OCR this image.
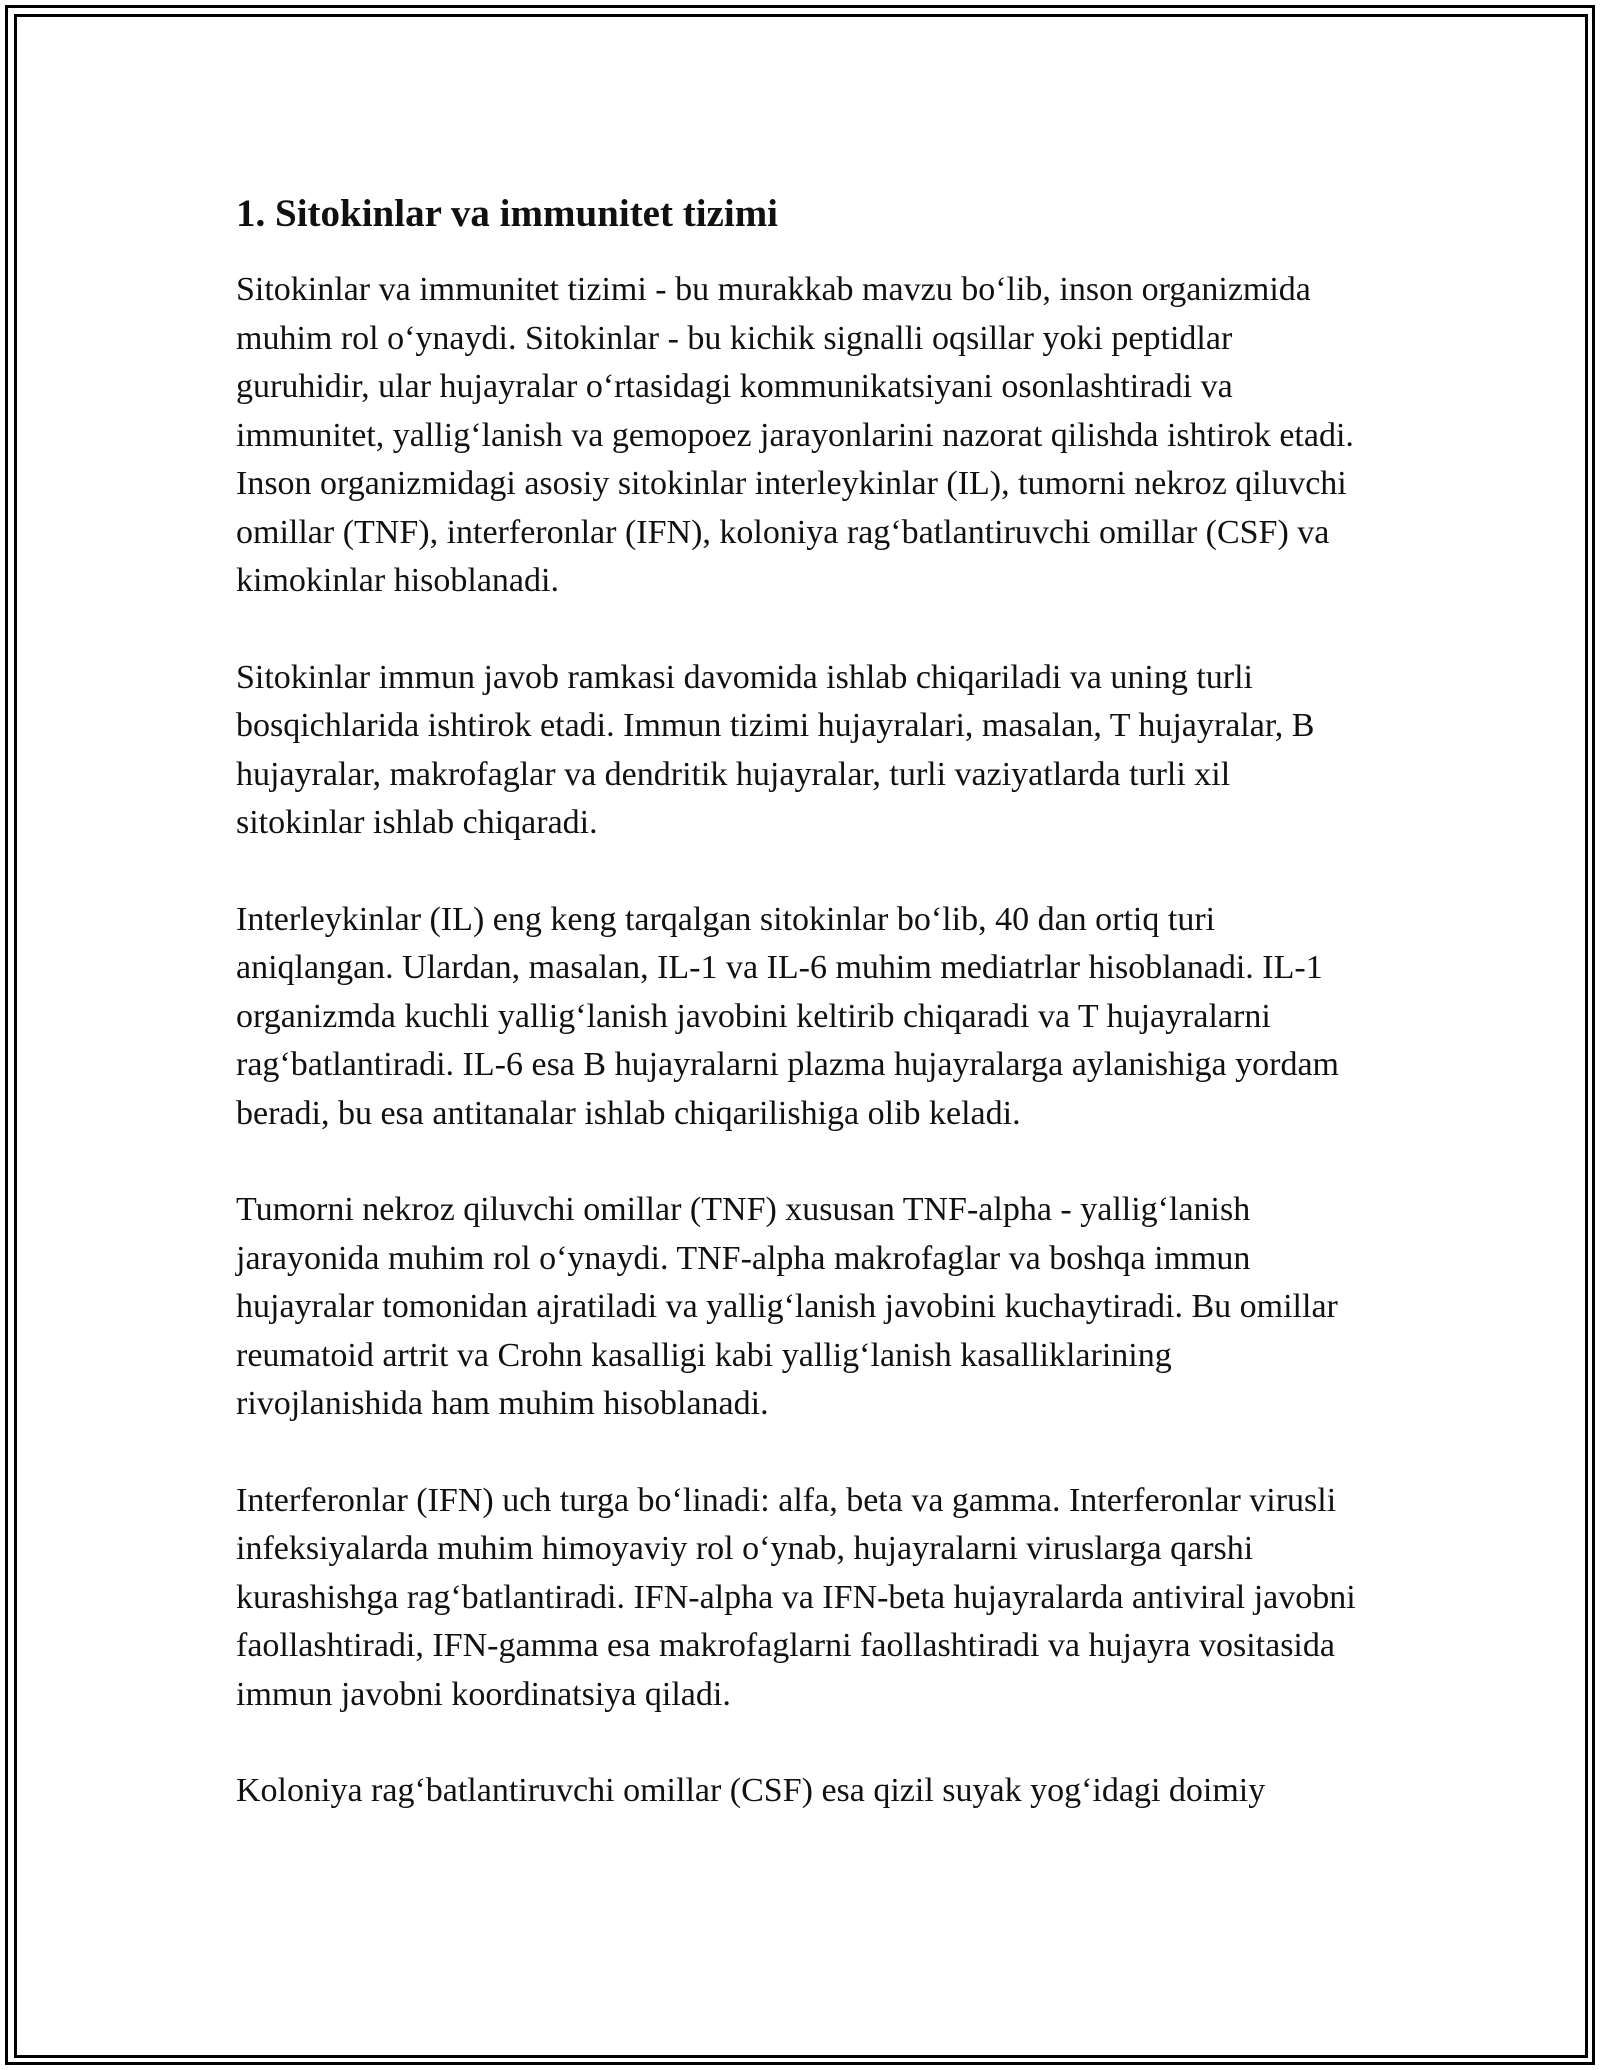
1. Sitokinlar va immunitet tizimi

Sitokinlar va immunitet tizimi - bu murakkab mavzu bo‘lib, inson organizmida muhim rol o‘ynaydi. Sitokinlar - bu kichik signalli oqsillar yoki peptidlar guruhidir, ular hujayralar o‘rtasidagi kommunikatsiyani osonlashtiradi va immunitet, yallig‘lanish va gemopoez jarayonlarini nazorat qilishda ishtirok etadi. Inson organizmidagi asosiy sitokinlar interleykinlar (IL), tumorni nekroz qiluvchi omillar (TNF), interferonlar (IFN), koloniya rag‘batlantiruvchi omillar (CSF) va kimokinlar hisoblanadi.

Sitokinlar immun javob ramkasi davomida ishlab chiqariladi va uning turli bosqichlarida ishtirok etadi. Immun tizimi hujayralari, masalan, T hujayralar, B hujayralar, makrofaglar va dendritik hujayralar, turli vaziyatlarda turli xil sitokinlar ishlab chiqaradi.

Interleykinlar (IL) eng keng tarqalgan sitokinlar bo‘lib, 40 dan ortiq turi aniqlangan. Ulardan, masalan, IL-1 va IL-6 muhim mediatrlar hisoblanadi. IL-1 organizmda kuchli yallig‘lanish javobini keltirib chiqaradi va T hujayralarni rag‘batlantiradi. IL-6 esa B hujayralarni plazma hujayralarga aylanishiga yordam beradi, bu esa antitanalar ishlab chiqarilishiga olib keladi.

Tumorni nekroz qiluvchi omillar (TNF) xususan TNF-alpha - yallig‘lanish jarayonida muhim rol o‘ynaydi. TNF-alpha makrofaglar va boshqa immun hujayralar tomonidan ajratiladi va yallig‘lanish javobini kuchaytiradi. Bu omillar reumatoid artrit va Crohn kasalligi kabi yallig‘lanish kasalliklarining rivojlanishida ham muhim hisoblanadi.

Interferonlar (IFN) uch turga bo‘linadi: alfa, beta va gamma. Interferonlar virusli infeksiyalarda muhim himoyaviy rol o‘ynab, hujayralarni viruslarga qarshi kurashishga rag‘batlantiradi. IFN-alpha va IFN-beta hujayralarda antiviral javobni faollashtiradi, IFN-gamma esa makrofaglarni faollashtiradi va hujayra vositasida immun javobni koordinatsiya qiladi.

Koloniya rag‘batlantiruvchi omillar (CSF) esa qizil suyak yog‘idagi doimiy
